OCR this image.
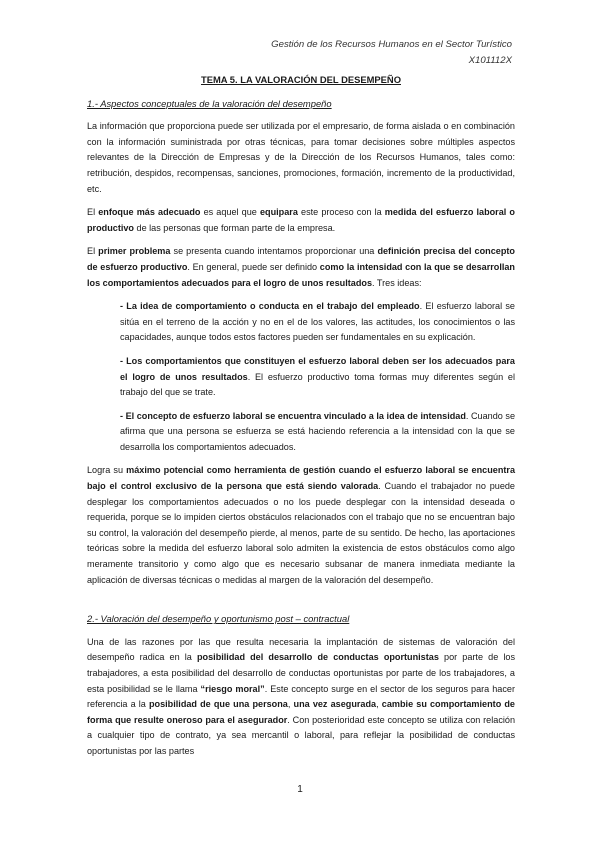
Gestión de los Recursos Humanos en el Sector Turístico
X101112X
TEMA 5. LA VALORACIÓN DEL DESEMPEÑO
1.- Aspectos conceptuales de la valoración del desempeño

La información que proporciona puede ser utilizada por el empresario, de forma aislada o en combinación con la información suministrada por otras técnicas, para tomar decisiones sobre múltiples aspectos relevantes de la Dirección de Empresas y de la Dirección de los Recursos Humanos, tales como: retribución, despidos, recompensas, sanciones, promociones, formación, incremento de la productividad, etc.

El enfoque más adecuado es aquel que equipara este proceso con la medida del esfuerzo laboral o productivo de las personas que forman parte de la empresa.

El primer problema se presenta cuando intentamos proporcionar una definición precisa del concepto de esfuerzo productivo. En general, puede ser definido como la intensidad con la que se desarrollan los comportamientos adecuados para el logro de unos resultados. Tres ideas:

- La idea de comportamiento o conducta en el trabajo del empleado. El esfuerzo laboral se sitúa en el terreno de la acción y no en el de los valores, las actitudes, los conocimientos o las capacidades, aunque todos estos factores pueden ser fundamentales en su explicación.
- Los comportamientos que constituyen el esfuerzo laboral deben ser los adecuados para el logro de unos resultados. El esfuerzo productivo toma formas muy diferentes según el trabajo del que se trate.
- El concepto de esfuerzo laboral se encuentra vinculado a la idea de intensidad. Cuando se afirma que una persona se esfuerza se está haciendo referencia a la intensidad con la que se desarrolla los comportamientos adecuados.

Logra su máximo potencial como herramienta de gestión cuando el esfuerzo laboral se encuentra bajo el control exclusivo de la persona que está siendo valorada. Cuando el trabajador no puede desplegar los comportamientos adecuados o no los puede desplegar con la intensidad deseada o requerida, porque se lo impiden ciertos obstáculos relacionados con el trabajo que no se encuentran bajo su control, la valoración del desempeño pierde, al menos, parte de su sentido. De hecho, las aportaciones teóricas sobre la medida del esfuerzo laboral solo admiten la existencia de estos obstáculos como algo meramente transitorio y como algo que es necesario subsanar de manera inmediata mediante la aplicación de diversas técnicas o medidas al margen de la valoración del desempeño.

2.- Valoración del desempeño y oportunismo post – contractual

Una de las razones por las que resulta necesaria la implantación de sistemas de valoración del desempeño radica en la posibilidad del desarrollo de conductas oportunistas por parte de los trabajadores, a esta posibilidad del desarrollo de conductas oportunistas por parte de los trabajadores, a esta posibilidad se le llama “riesgo moral”. Este concepto surge en el sector de los seguros para hacer referencia a la posibilidad de que una persona, una vez asegurada, cambie su comportamiento de forma que resulte oneroso para el asegurador. Con posterioridad este concepto se utiliza con relación a cualquier tipo de contrato, ya sea mercantil o laboral, para reflejar la posibilidad de conductas oportunistas por las partes

1
